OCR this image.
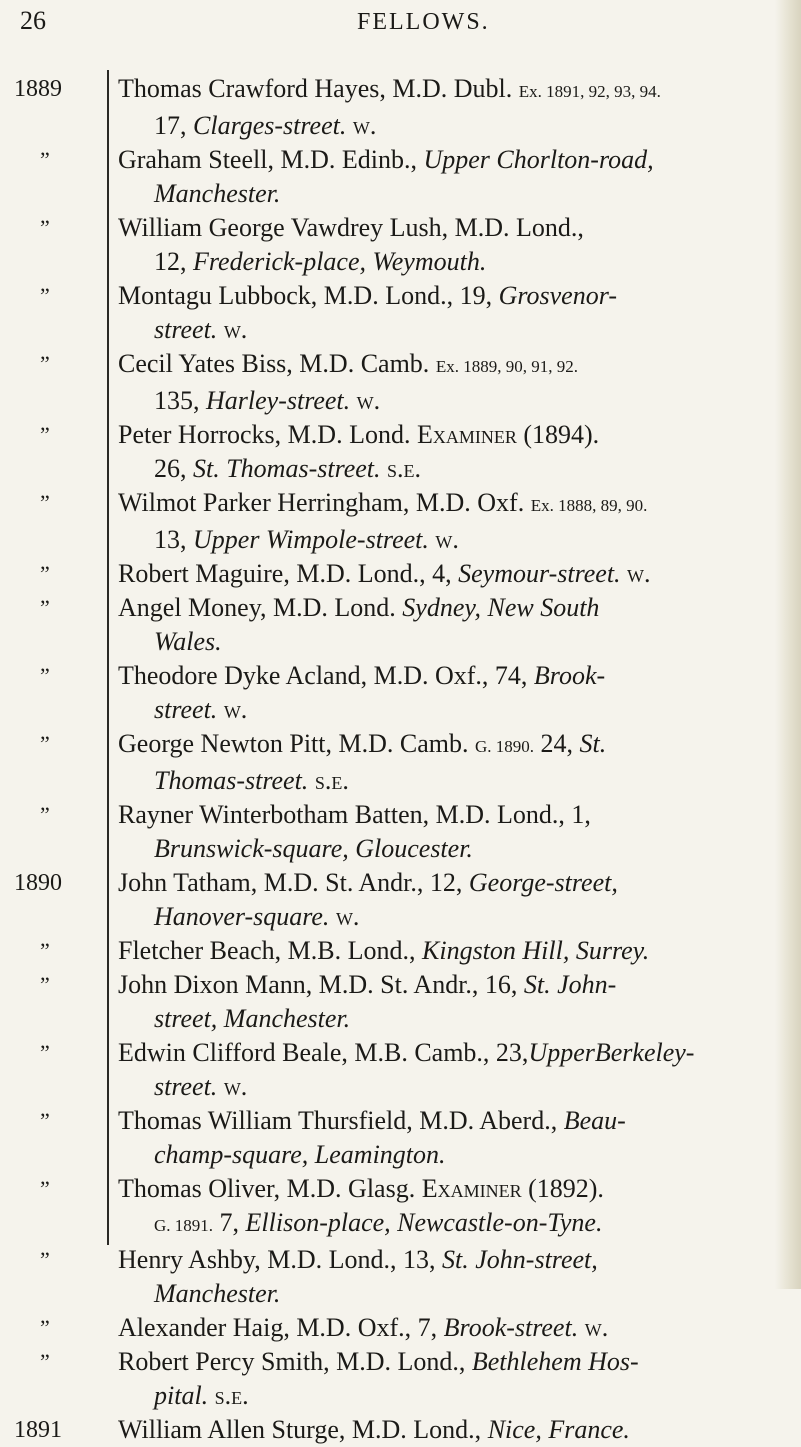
26	FELLOWS.
1889	Thomas Crawford Hayes, M.D. Dubl. Ex. 1891, 92, 93, 94.
17, Clarges-street. w.
”	Graham Steell, M.D. Edinb., Upper Chorlton-road,
Manchester.
”	William George Vawdrey Lush, M.D. Lond.,
12, Frederick-place, Weymouth.
”	Montagu Lubbock, M.D. Lond., 19, Grosvenor-
street. w.
”	Cecil Yates Biss, M.D. Camb. Ex. 1889, 90, 91, 92.
135, Harley-street. w.
”	Peter Horrocks, M.D. Lond. Examiner (1894).
26, St. Thomas-street. s.e.
”	Wilmot Parker Herringham, M.D. Oxf. Ex. 1888, 89, 90.
13, Upper Wimpole-street. w.
”	Robert Maguire, M.D. Lond., 4, Seymour-street. w.
”	Angel Money, M.D. Lond. Sydney, New South
Wales.
”	Theodore Dyke Acland, M.D. Oxf., 74, Brook-
street. w.
”	George Newton Pitt, M.D. Camb. G. 1890. 24, St.
Thomas-street. s.e.
”	Rayner Winterbotham Batten, M.D. Lond., 1,
Brunswick-square, Gloucester.
1890	John Tatham, M.D. St. Andr., 12, George-street,
Hanover-square. w.
”	Fletcher Beach, M.B. Lond., Kingston Hill, Surrey.
”	John Dixon Mann, M.D. St. Andr., 16, St. John-
street, Manchester.
”	Edwin Clifford Beale, M.B. Camb., 23,UpperBerkeley-
street. w.
”	Thomas William Thursfield, M.D. Aberd., Beau-
champ-square, Leamington.
”	Thomas Oliver, M.D. Glasg. Examiner (1892).
G. 1891. 7, Ellison-place, Newcastle-on-Tyne.
”	Henry Ashby, M.D. Lond., 13, St. John-street,
Manchester.
”	Alexander Haig, M.D. Oxf., 7, Brook-street. w.
”	Robert Percy Smith, M.D. Lond., Bethlehem Hos-
pital. s.e.
1891	William Allen Sturge, M.D. Lond., Nice, France.
